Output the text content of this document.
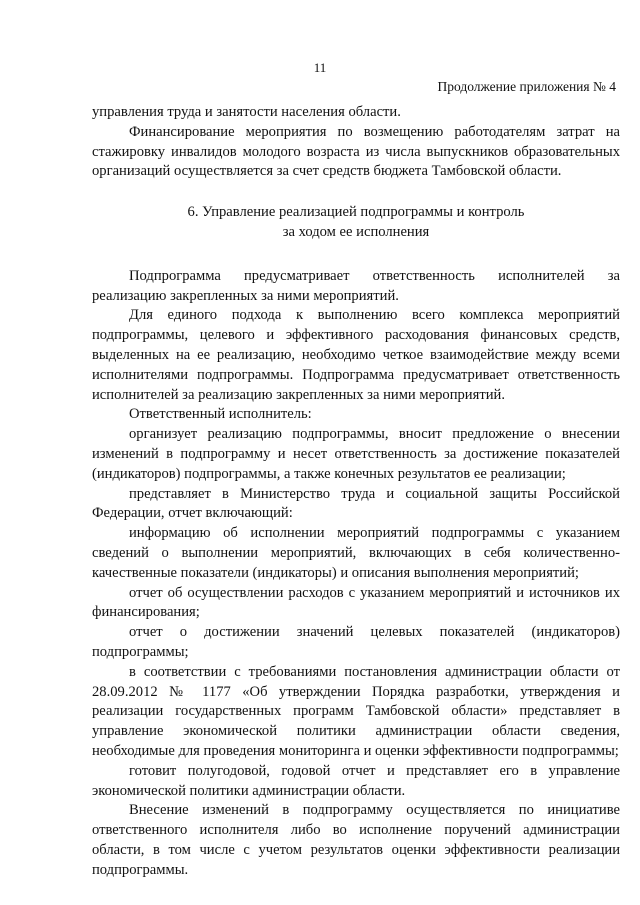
11
Продолжение приложения № 4

управления труда и занятости населения области.

Финансирование мероприятия по возмещению работодателям затрат на стажировку инвалидов молодого возраста из числа выпускников образовательных организаций осуществляется за счет средств бюджета Тамбовской области.

6. Управление реализацией подпрограммы и контроль
за ходом ее исполнения

Подпрограмма предусматривает ответственность исполнителей за реализацию закрепленных за ними мероприятий.

Для единого подхода к выполнению всего комплекса мероприятий подпрограммы, целевого и эффективного расходования финансовых средств, выделенных на ее реализацию, необходимо четкое взаимодействие между всеми исполнителями подпрограммы. Подпрограмма предусматривает ответственность исполнителей за реализацию закрепленных за ними мероприятий.

Ответственный исполнитель:

организует реализацию подпрограммы, вносит предложение о внесении изменений в подпрограмму и несет ответственность за достижение показателей (индикаторов) подпрограммы, а также конечных результатов ее реализации;

представляет в Министерство труда и социальной защиты Российской Федерации, отчет включающий:

информацию об исполнении мероприятий подпрограммы с указанием сведений о выполнении мероприятий, включающих в себя количественно-качественные показатели (индикаторы) и описания выполнения мероприятий;

отчет об осуществлении расходов с указанием мероприятий и источников их финансирования;

отчет о достижении значений целевых показателей (индикаторов) подпрограммы;

в соответствии с требованиями постановления администрации области от 28.09.2012 № 1177 «Об утверждении Порядка разработки, утверждения и реализации государственных программ Тамбовской области» представляет в управление экономической политики администрации области сведения, необходимые для проведения мониторинга и оценки эффективности подпрограммы;

готовит полугодовой, годовой отчет и представляет его в управление экономической политики администрации области.

Внесение изменений в подпрограмму осуществляется по инициативе ответственного исполнителя либо во исполнение поручений администрации области, в том числе с учетом результатов оценки эффективности реализации подпрограммы.
